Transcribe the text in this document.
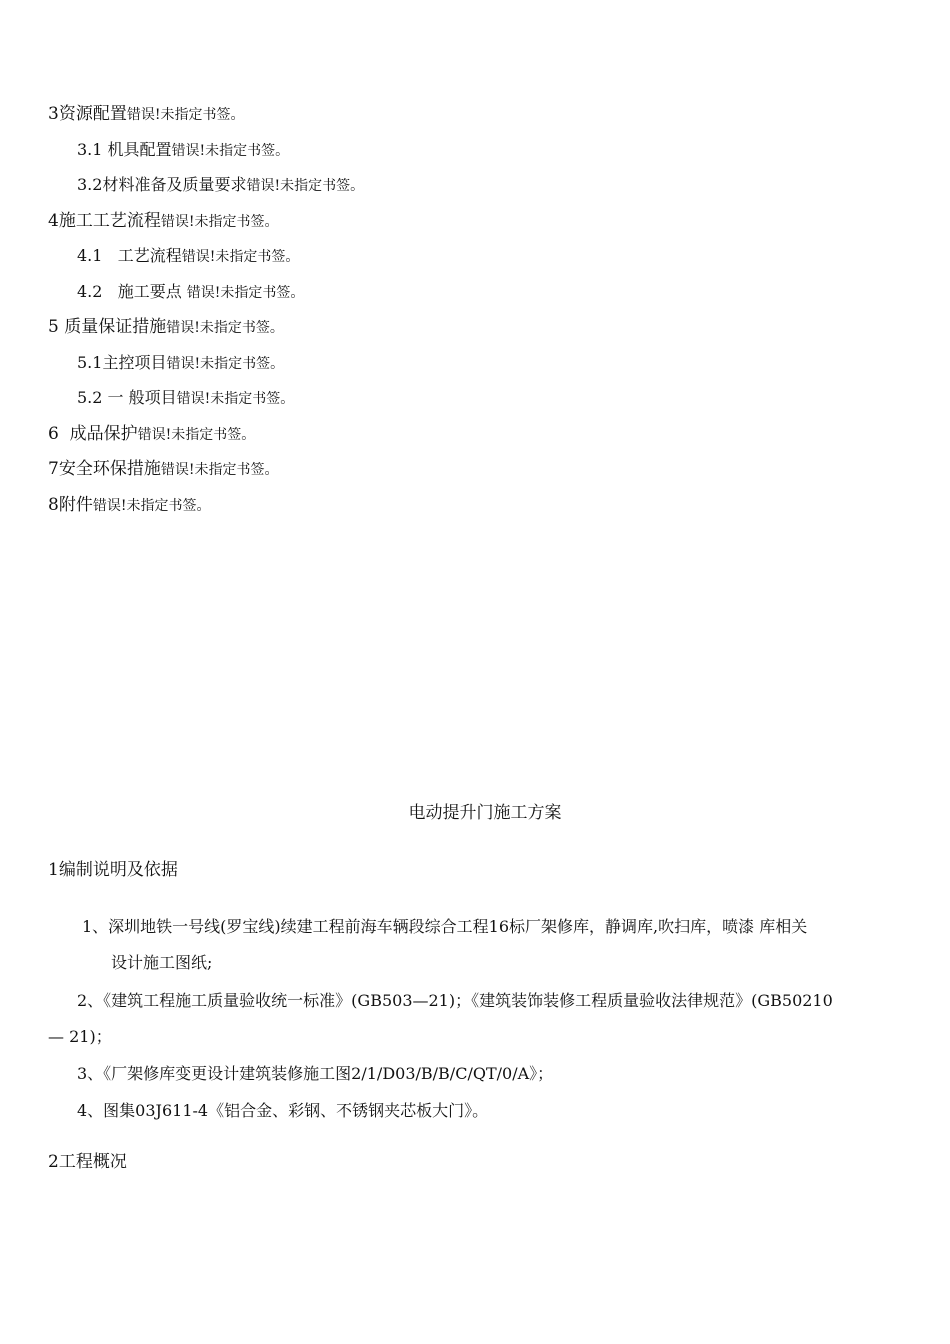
3资源配置错误!未指定书签。
3.1 机具配置错误!未指定书签。
3.2材料准备及质量要求错误!未指定书签。
4施工工艺流程错误!未指定书签。
4.1   工艺流程错误!未指定书签。
4.2   施工要点 错误!未指定书签。
5 质量保证措施错误!未指定书签。
5.1主控项目错误!未指定书签。
5.2 一 般项目错误!未指定书签。
6  成品保护错误!未指定书签。
7安全环保措施错误!未指定书签。
8附件错误!未指定书签。
电动提升门施工方案
1编制说明及依据
1、深圳地铁一号线(罗宝线)续建工程前海车辆段综合工程16标厂架修库，静调库,吹扫库，喷漆 库相关
设计施工图纸;
2、《建筑工程施工质量验收统一标准》(GB503—21)；《建筑装饰装修工程质量验收法律规范》(GB50210
— 21)；
3、《厂架修库变更设计建筑装修施工图2/1/D03/B/B/C/QT/0/A》；
4、图集03J611-4《铝合金、彩钢、不锈钢夹芯板大门》。
2工程概况
